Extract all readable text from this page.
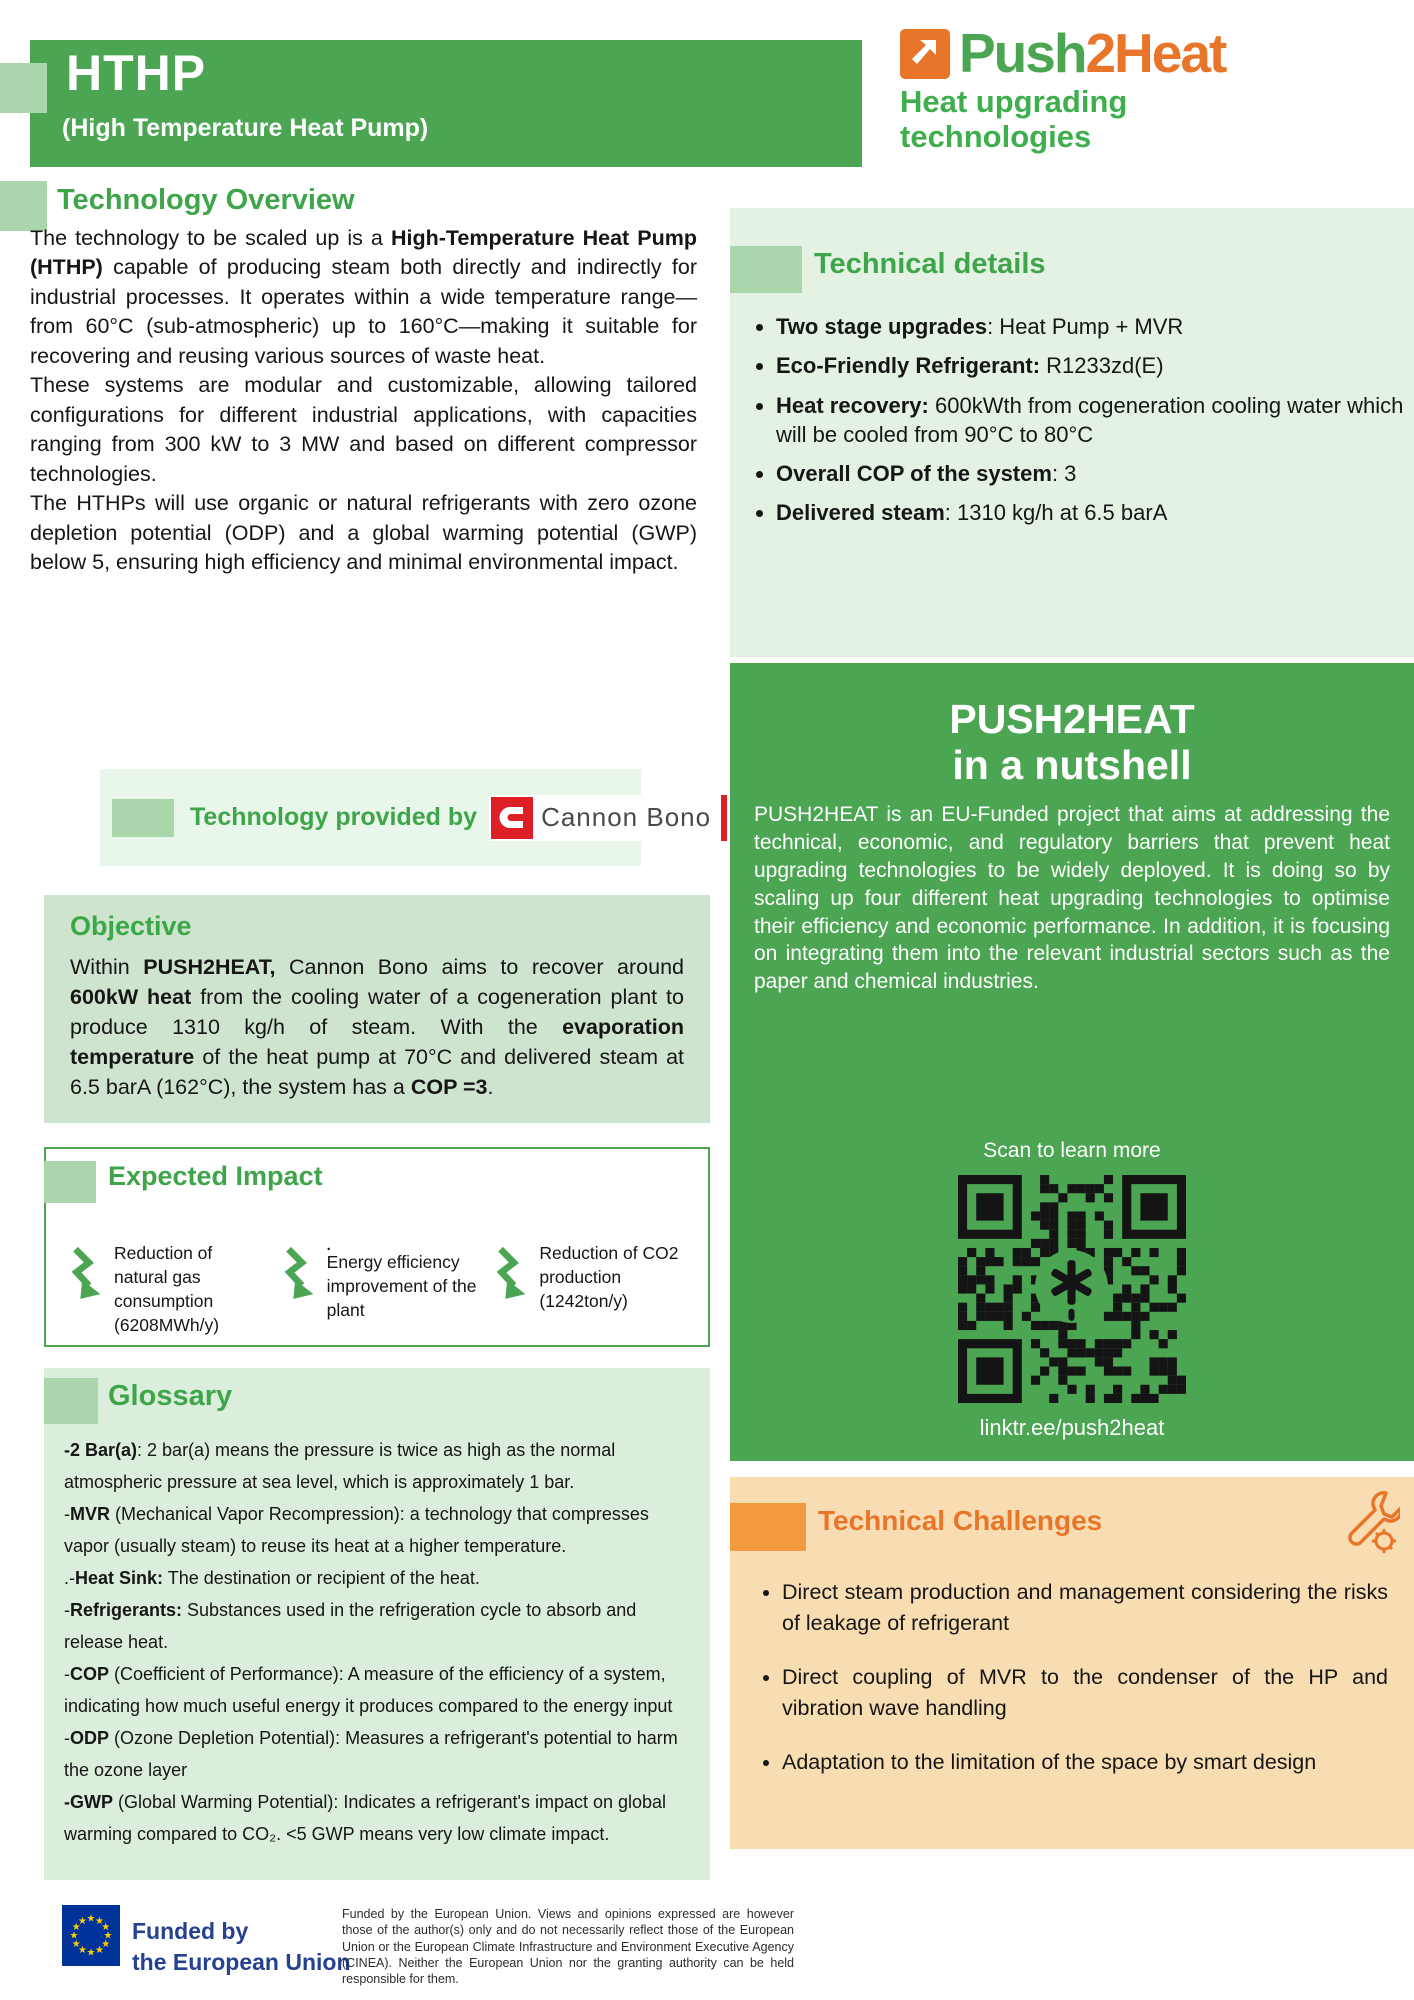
HTHP
(High Temperature Heat Pump)
Push2Heat
Heat upgrading technologies
Technology Overview

The technology to be scaled up is a High-Temperature Heat Pump (HTHP) capable of producing steam both directly and indirectly for industrial processes. It operates within a wide temperature range—from 60°C (sub-atmospheric) up to 160°C—making it suitable for recovering and reusing various sources of waste heat.

These systems are modular and customizable, allowing tailored configurations for different industrial applications, with capacities ranging from 300 kW to 3 MW and based on different compressor technologies.

The HTHPs will use organic or natural refrigerants with zero ozone depletion potential (ODP) and a global warming potential (GWP) below 5, ensuring high efficiency and minimal environmental impact.

Technology provided by	Cannon Bono
Objective

Within PUSH2HEAT, Cannon Bono aims to recover around 600kW heat from the cooling water of a cogeneration plant to produce 1310 kg/h of steam. With the evaporation temperature of the heat pump at 70°C and delivered steam at 6.5 barA (162°C), the system has a COP =3.

Expected Impact
Reduction of natural gas consumption (6208MWh/y)
.
Energy efficiency improvement of the plant
Reduction of CO2 production (1242ton/y)
Glossary

-2 Bar(a): 2 bar(a) means the pressure is twice as high as the normal atmospheric pressure at sea level, which is approximately 1 bar.

-MVR (Mechanical Vapor Recompression): a technology that compresses vapor (usually steam) to reuse its heat at a higher temperature.

.-Heat Sink: The destination or recipient of the heat.

-Refrigerants: Substances used in the refrigeration cycle to absorb and release heat.

-COP (Coefficient of Performance): A measure of the efficiency of a system, indicating how much useful energy it produces compared to the energy input

-ODP (Ozone Depletion Potential): Measures a refrigerant's potential to harm the ozone layer

-GWP (Global Warming Potential): Indicates a refrigerant's impact on global warming compared to CO₂. <5 GWP means very low climate impact.

Technical details
• Two stage upgrades: Heat Pump + MVR
• Eco-Friendly Refrigerant: R1233zd(E)
• Heat recovery: 600kWth from cogeneration cooling water which will be cooled from 90°C to 80°C
• Overall COP of the system: 3
• Delivered steam: 1310 kg/h at 6.5 barA
PUSH2HEAT
in a nutshell

PUSH2HEAT is an EU-Funded project that aims at addressing the technical, economic, and regulatory barriers that prevent heat upgrading technologies to be widely deployed. It is doing so by scaling up four different heat upgrading technologies to optimise their efficiency and economic performance. In addition, it is focusing on integrating them into the relevant industrial sectors such as the paper and chemical industries.

Scan to learn more

linktr.ee/push2heat

Technical Challenges
• Direct steam production and management considering the risks of leakage of refrigerant
• Direct coupling of MVR to the condenser of the HP and vibration wave handling
• Adaptation to the limitation of the space by smart design
★ ★
★
★
★
★
★
★
★
★
★
★ Funded by
the European Union
Funded by the European Union. Views and opinions expressed are however those of the author(s) only and do not necessarily reflect those of the European Union or the European Climate Infrastructure and Environment Executive Agency (CINEA). Neither the European Union nor the granting authority can be held responsible for them.
